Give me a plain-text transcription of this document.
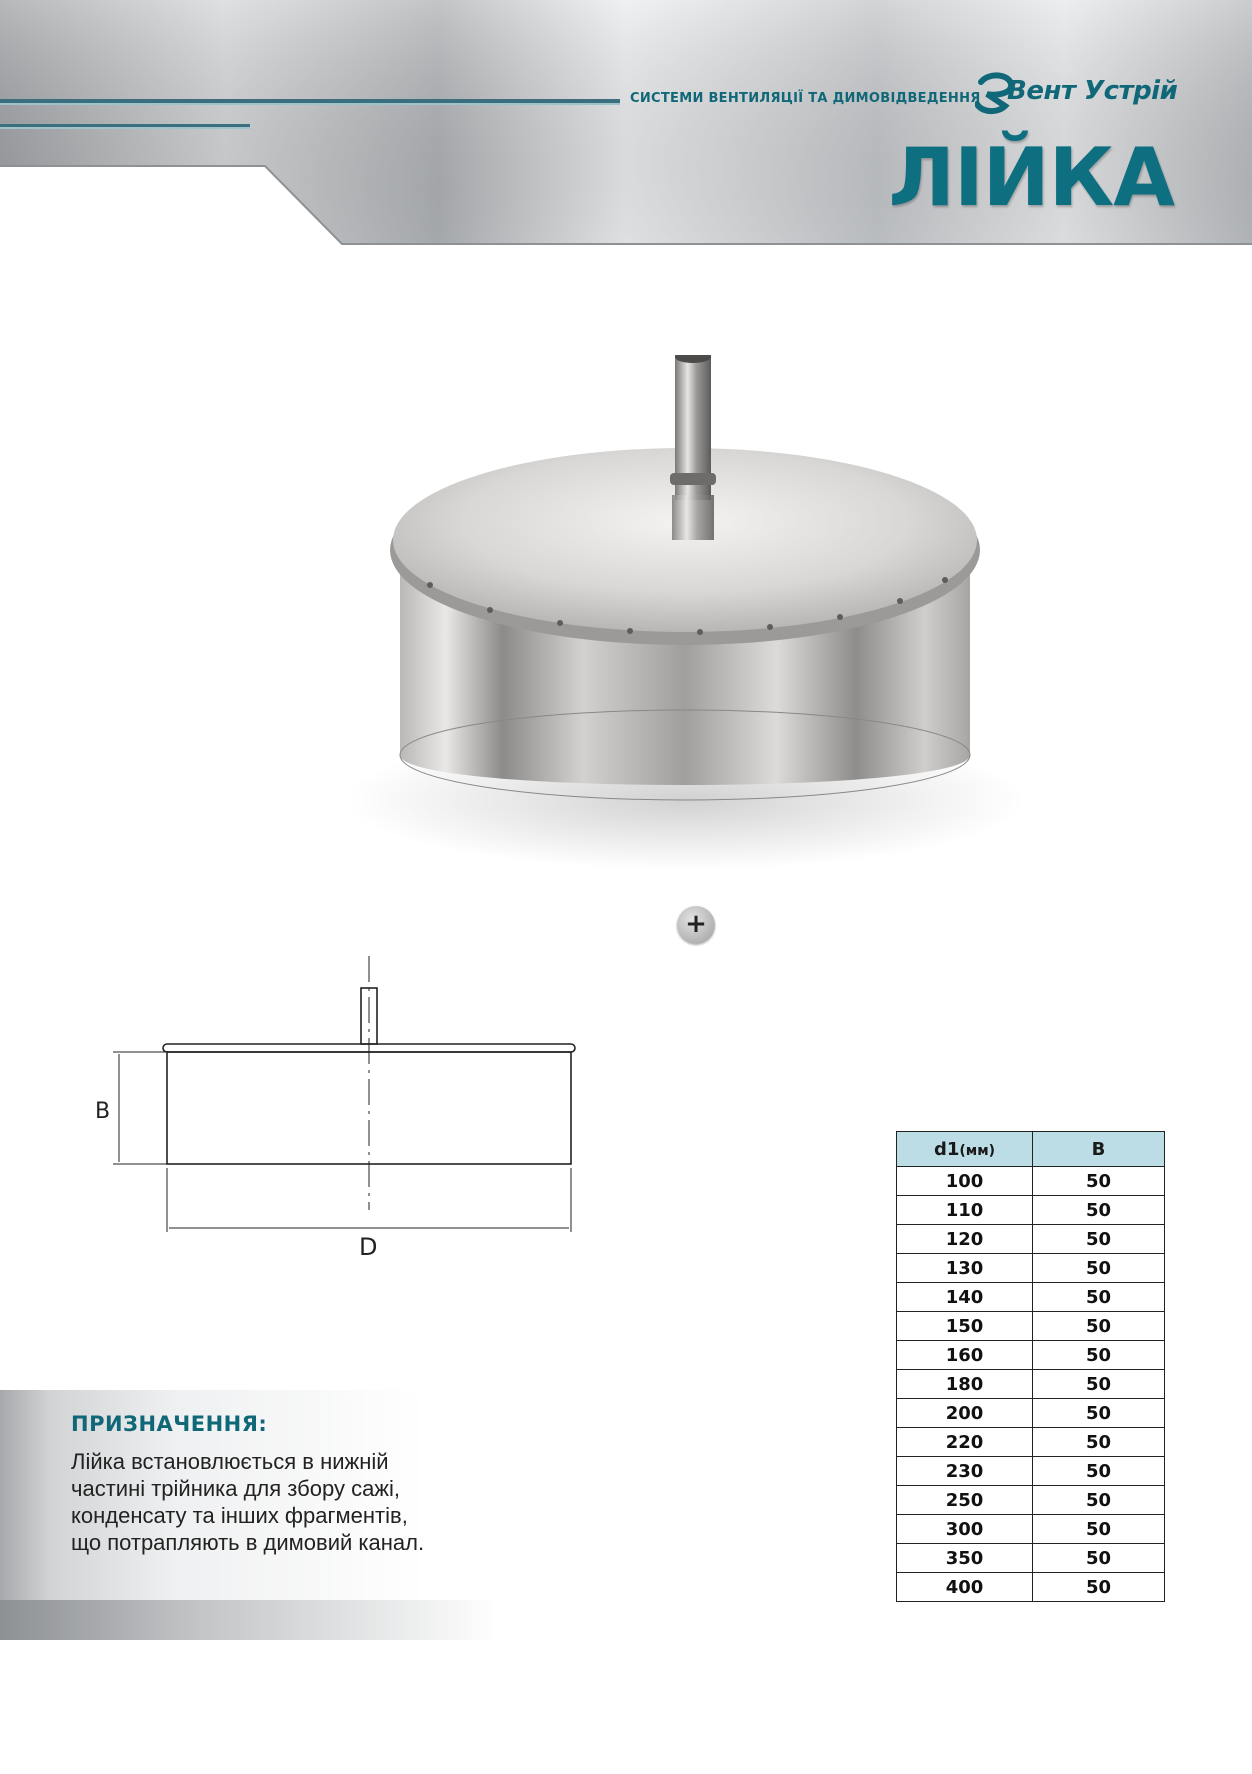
СИСТЕМИ ВЕНТИЛЯЦІЇ ТА ДИМОВІДВЕДЕННЯ Вент Устрій
ЛІЙКА
+
B
D
ПРИЗНАЧЕННЯ:
Лійка встановлюється в нижній
частині трійника для збору сажі,
конденсату та інших фрагментів,
що потрапляють в димовий канал.
d1(мм)	B
100	50
110	50
120	50
130	50
140	50
150	50
160	50
180	50
200	50
220	50
230	50
250	50
300	50
350	50
400	50
